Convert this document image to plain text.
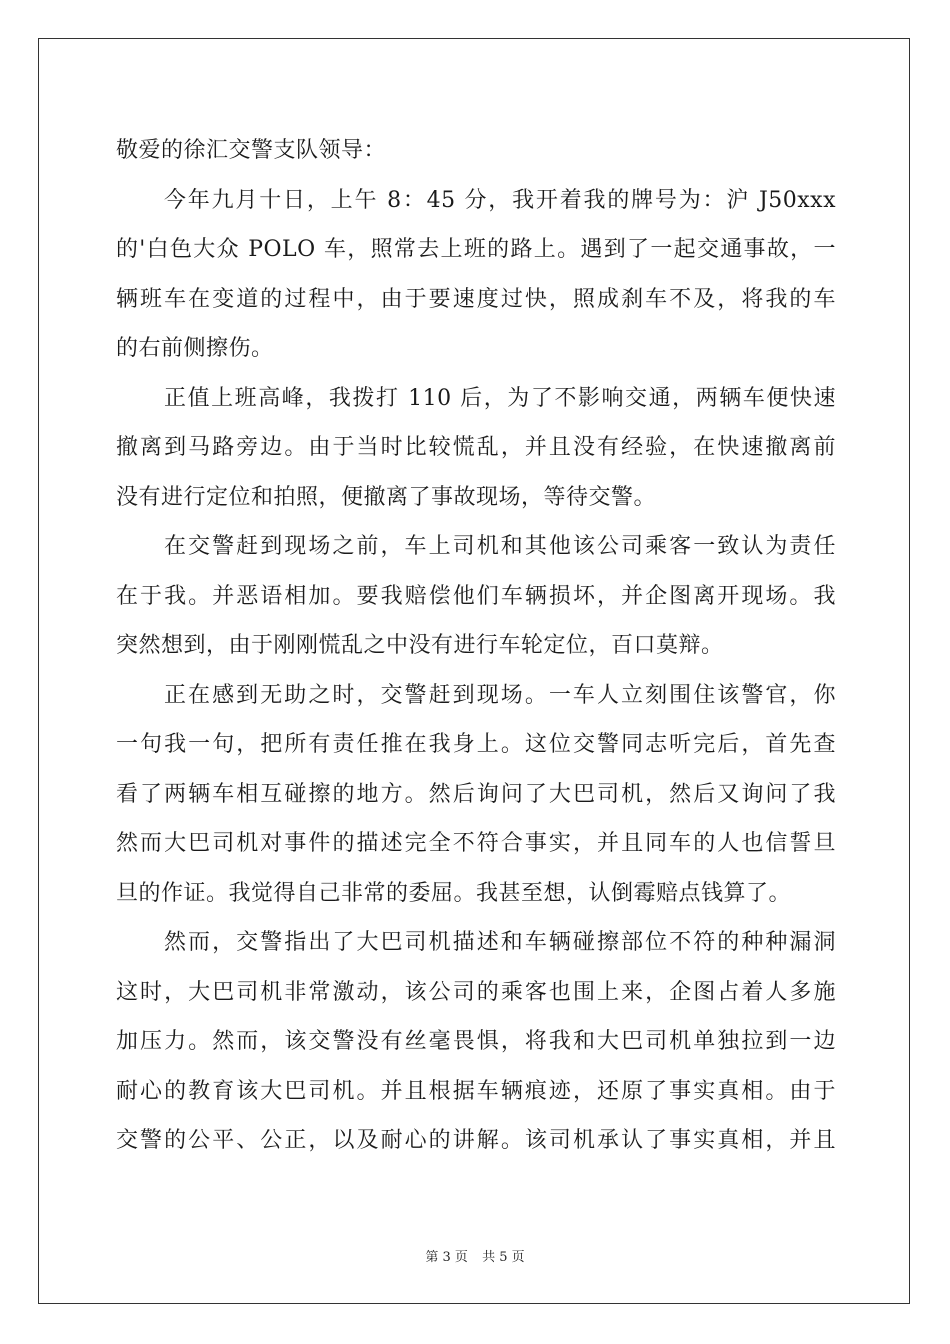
敬爱的徐汇交警支队领导：

今年九月十日，上午 8：45 分，我开着我的牌号为：沪 J50xxx
的'白色大众 POLO 车，照常去上班的路上。遇到了一起交通事故，一
辆班车在变道的过程中，由于要速度过快，照成刹车不及，将我的车
的右前侧擦伤。
正值上班高峰，我拨打 110 后，为了不影响交通，两辆车便快速
撤离到马路旁边。由于当时比较慌乱，并且没有经验，在快速撤离前
没有进行定位和拍照，便撤离了事故现场，等待交警。
在交警赶到现场之前，车上司机和其他该公司乘客一致认为责任
在于我。并恶语相加。要我赔偿他们车辆损坏，并企图离开现场。我
突然想到，由于刚刚慌乱之中没有进行车轮定位，百口莫辩。
正在感到无助之时，交警赶到现场。一车人立刻围住该警官，你
一句我一句，把所有责任推在我身上。这位交警同志听完后，首先查
看了两辆车相互碰擦的地方。然后询问了大巴司机，然后又询问了我
然而大巴司机对事件的描述完全不符合事实，并且同车的人也信誓旦
旦的作证。我觉得自己非常的委屈。我甚至想，认倒霉赔点钱算了。
然而，交警指出了大巴司机描述和车辆碰擦部位不符的种种漏洞
这时，大巴司机非常激动，该公司的乘客也围上来，企图占着人多施
加压力。然而，该交警没有丝毫畏惧，将我和大巴司机单独拉到一边
耐心的教育该大巴司机。并且根据车辆痕迹，还原了事实真相。由于
交警的公平、公正，以及耐心的讲解。该司机承认了事实真相，并且
第 3 页 共 5 页
